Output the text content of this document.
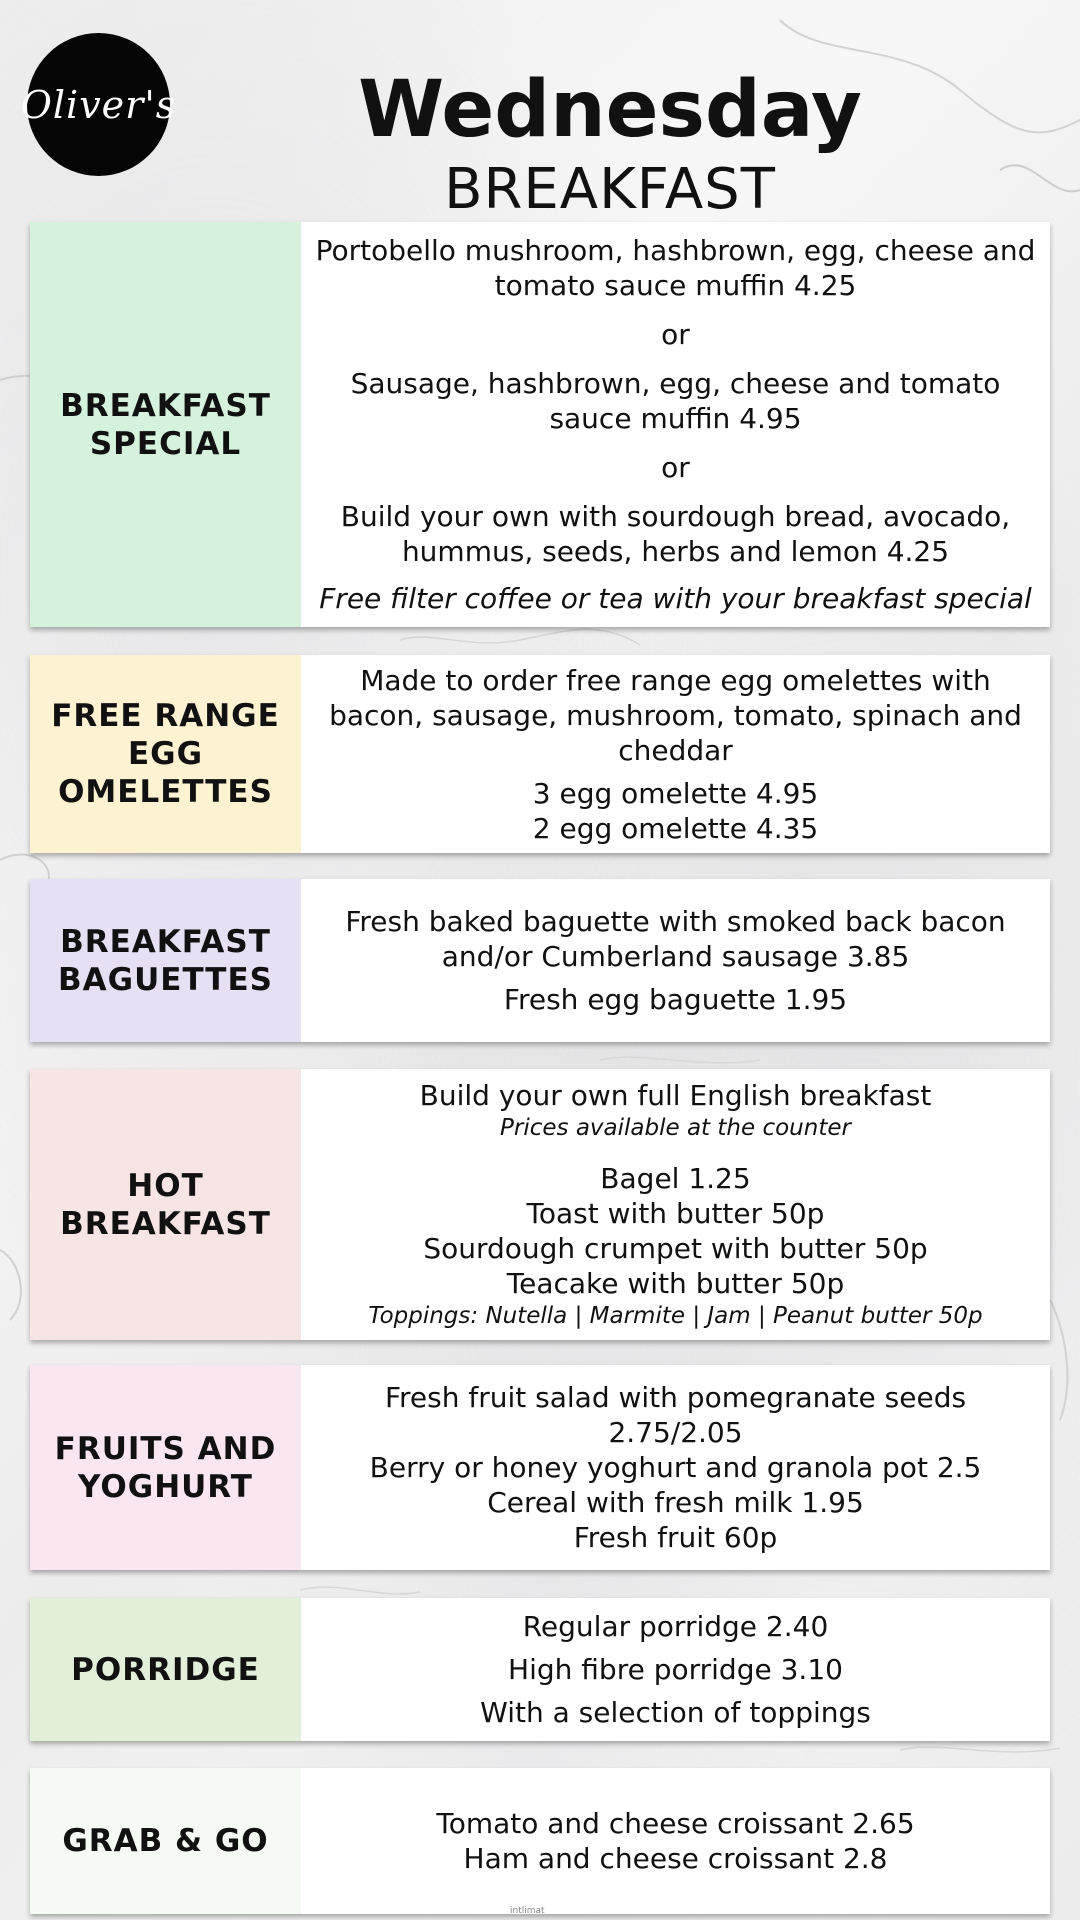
Oliver's	Wednesday
BREAKFAST
BREAKFAST
SPECIAL
Portobello mushroom, hashbrown, egg, cheese and tomato sauce muffin 4.25
or
Sausage, hashbrown, egg, cheese and tomato sauce muffin 4.95
or
Build your own with sourdough bread, avocado, hummus, seeds, herbs and lemon 4.25
Free filter coffee or tea with your breakfast special
FREE RANGE
EGG
OMELETTES
Made to order free range egg omelettes with bacon, sausage, mushroom, tomato, spinach and cheddar
3 egg omelette 4.95
2 egg omelette 4.35
BREAKFAST
BAGUETTES
Fresh baked baguette with smoked back bacon and/or Cumberland sausage 3.85
Fresh egg baguette 1.95
HOT
BREAKFAST
Build your own full English breakfast
Prices available at the counter
Bagel 1.25
Toast with butter 50p
Sourdough crumpet with butter 50p
Teacake with butter 50p
Toppings: Nutella | Marmite | Jam | Peanut butter 50p
FRUITS AND
YOGHURT
Fresh fruit salad with pomegranate seeds 2.75/2.05
Berry or honey yoghurt and granola pot 2.5
Cereal with fresh milk 1.95
Fresh fruit 60p
PORRIDGE
Regular porridge 2.40
High fibre porridge 3.10
With a selection of toppings
GRAB & GO	Tomato and cheese croissant 2.65
Ham and cheese croissant 2.8
intlimat
